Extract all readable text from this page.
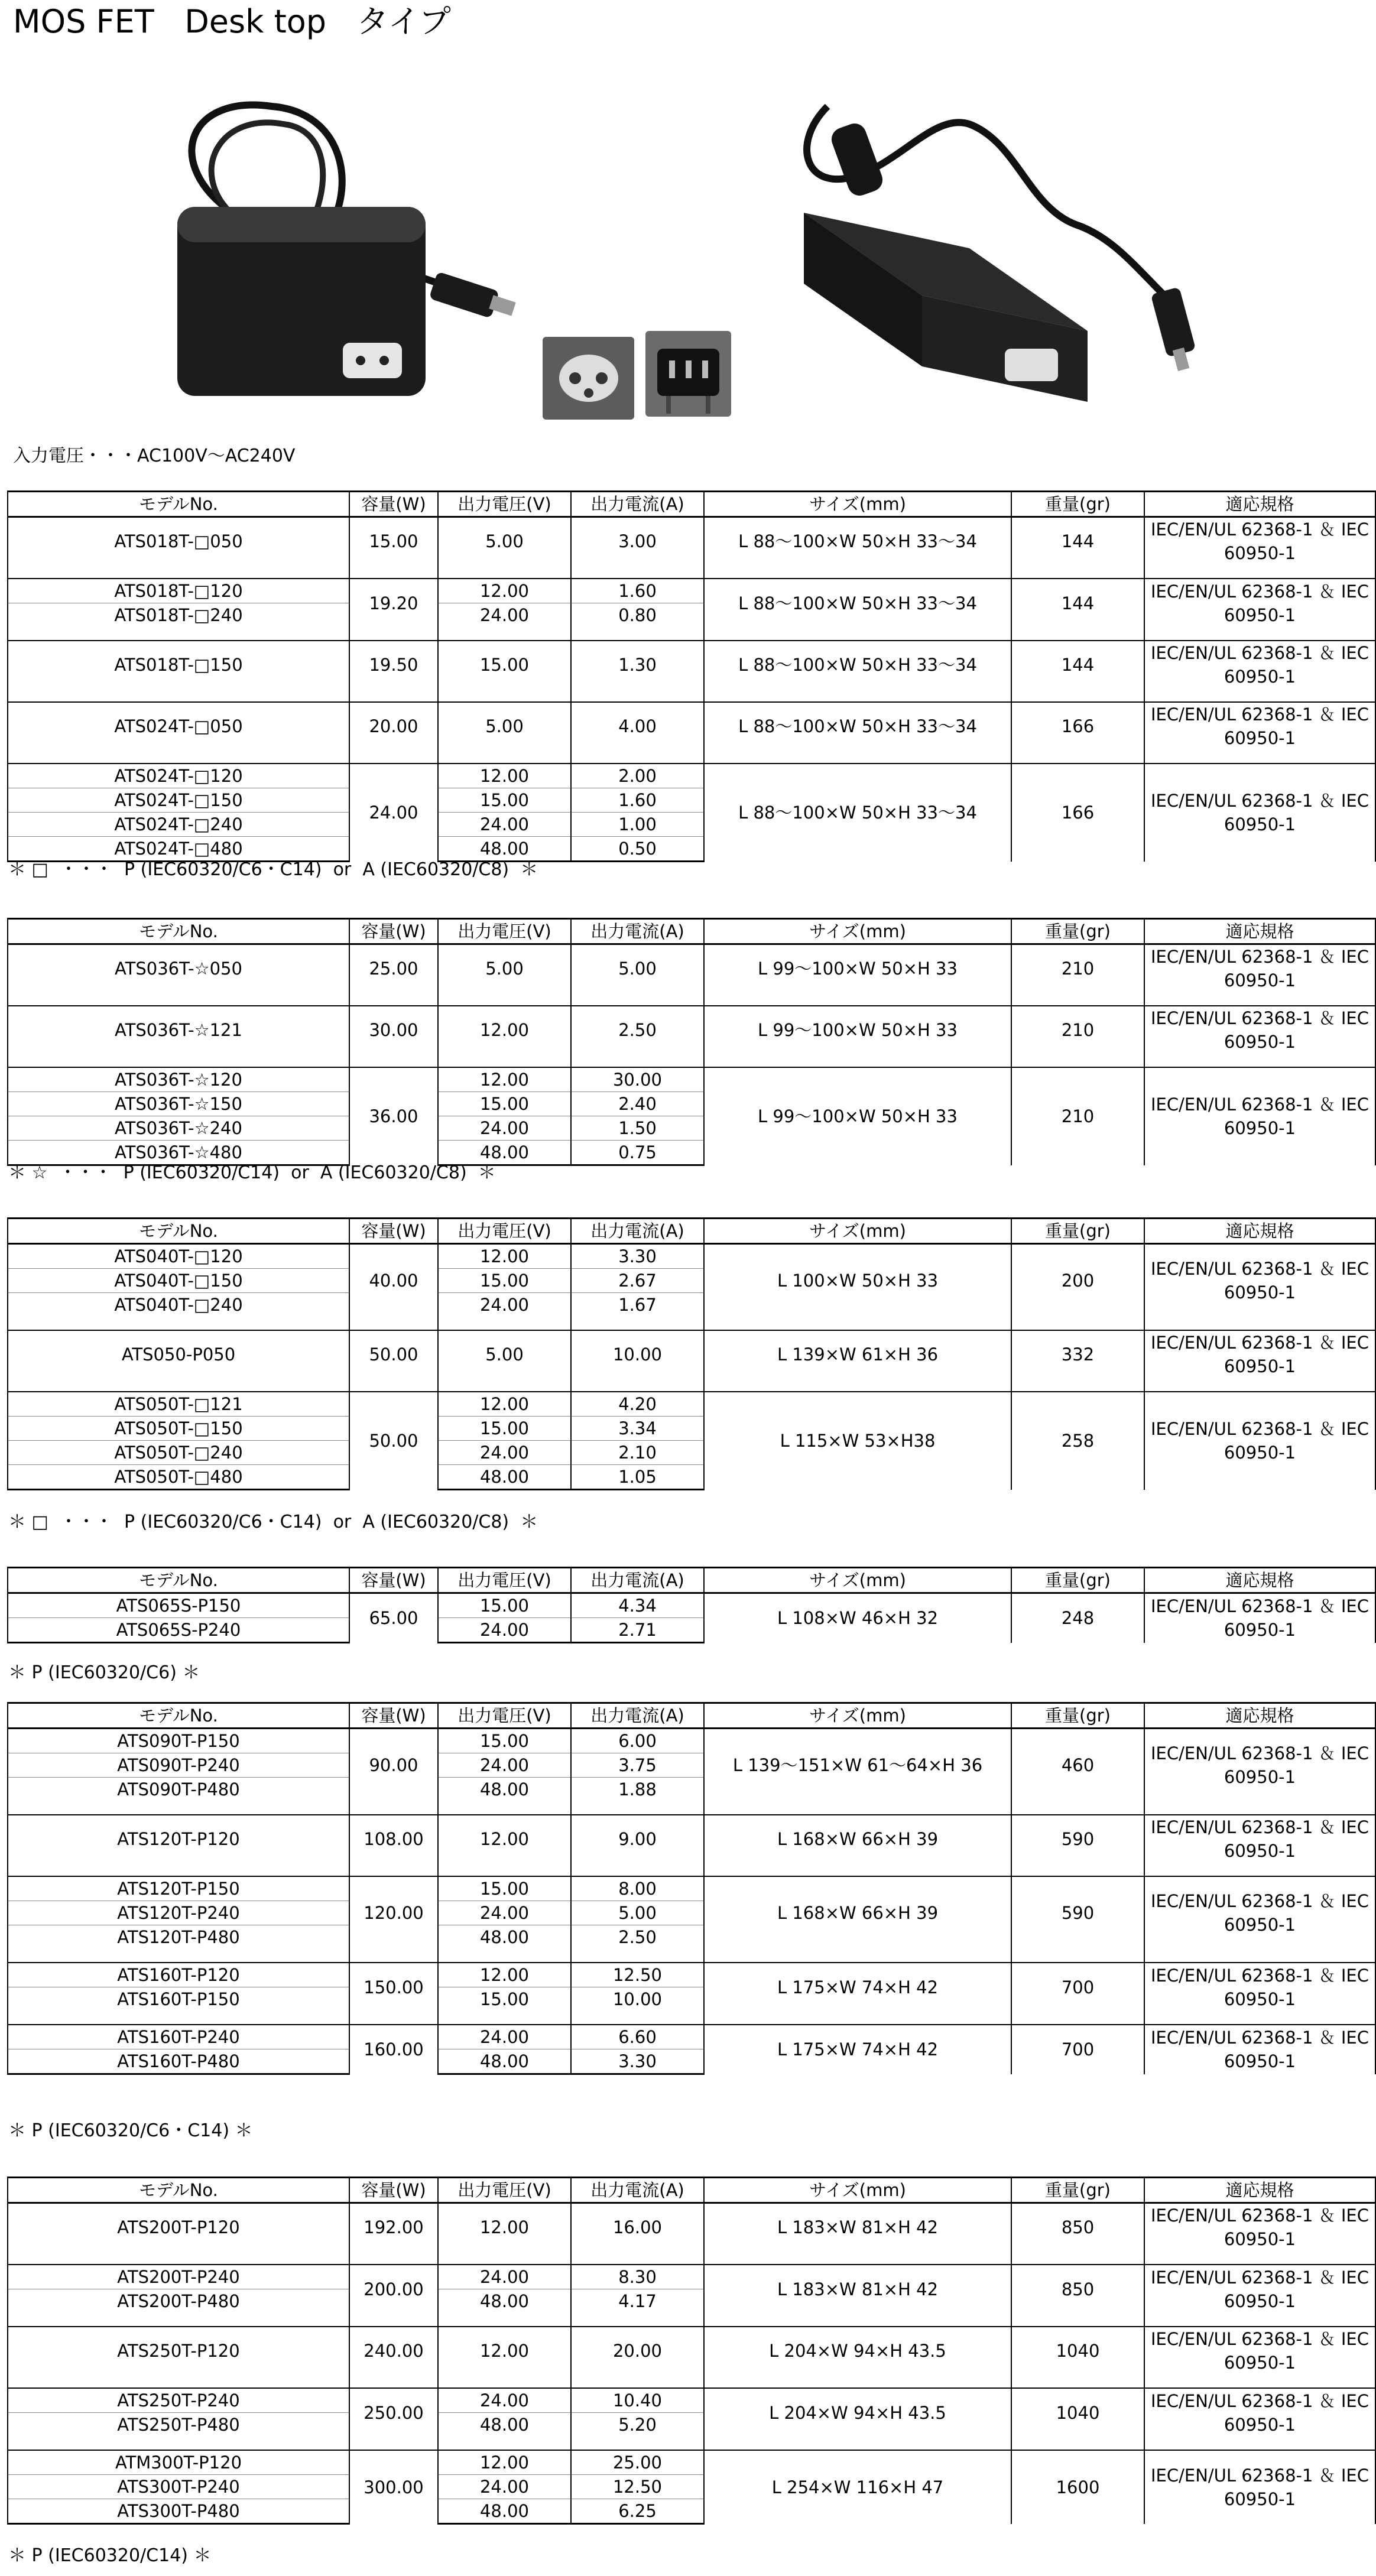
MOS FET   Desk top   タイプ
入力電圧・・・AC100V～AC240V
モデルNo.	容量(W)	出力電圧(V)	出力電流(A)	サイズ(mm)	重量(gr)	適応規格
ATS018T-□050	15.00	5.00	3.00	L 88～100×W 50×H 33～34	144	IEC/EN/UL 62368-1 ＆ IEC 60950-1

ATS018T-□120	19.20	12.00	1.60	L 88～100×W 50×H 33～34	144	IEC/EN/UL 62368-1 ＆ IEC 60950-1
ATS018T-□240		24.00	0.80			

ATS018T-□150	19.50	15.00	1.30	L 88～100×W 50×H 33～34	144	IEC/EN/UL 62368-1 ＆ IEC 60950-1

ATS024T-□050	20.00	5.00	4.00	L 88～100×W 50×H 33～34	166	IEC/EN/UL 62368-1 ＆ IEC 60950-1

ATS024T-□120	24.00	12.00	2.00	L 88～100×W 50×H 33～34	166	IEC/EN/UL 62368-1 ＆ IEC 60950-1
ATS024T-□150		15.00	1.60			
ATS024T-□240		24.00	1.00			
ATS024T-□480		48.00	0.50			
＊ □  ・・・  P (IEC60320/C6・C14)  or  A (IEC60320/C8)  ＊
モデルNo.	容量(W)	出力電圧(V)	出力電流(A)	サイズ(mm)	重量(gr)	適応規格
ATS036T-☆050	25.00	5.00	5.00	L 99～100×W 50×H 33	210	IEC/EN/UL 62368-1 ＆ IEC 60950-1

ATS036T-☆121	30.00	12.00	2.50	L 99～100×W 50×H 33	210	IEC/EN/UL 62368-1 ＆ IEC 60950-1

ATS036T-☆120	36.00	12.00	30.00	L 99～100×W 50×H 33	210	IEC/EN/UL 62368-1 ＆ IEC 60950-1
ATS036T-☆150		15.00	2.40			
ATS036T-☆240		24.00	1.50			
ATS036T-☆480		48.00	0.75			
＊ ☆  ・・・  P (IEC60320/C14)  or  A (IEC60320/C8)  ＊
モデルNo.	容量(W)	出力電圧(V)	出力電流(A)	サイズ(mm)	重量(gr)	適応規格
ATS040T-□120	40.00	12.00	3.30	L 100×W 50×H 33	200	IEC/EN/UL 62368-1 ＆ IEC 60950-1
ATS040T-□150		15.00	2.67			
ATS040T-□240		24.00	1.67			

ATS050-P050	50.00	5.00	10.00	L 139×W 61×H 36	332	IEC/EN/UL 62368-1 ＆ IEC 60950-1

ATS050T-□121	50.00	12.00	4.20	L 115×W 53×H38	258	IEC/EN/UL 62368-1 ＆ IEC 60950-1
ATS050T-□150		15.00	3.34			
ATS050T-□240		24.00	2.10			
ATS050T-□480		48.00	1.05			
＊ □  ・・・  P (IEC60320/C6・C14)  or  A (IEC60320/C8)  ＊
モデルNo.	容量(W)	出力電圧(V)	出力電流(A)	サイズ(mm)	重量(gr)	適応規格
ATS065S-P150	65.00	15.00	4.34	L 108×W 46×H 32	248	IEC/EN/UL 62368-1 ＆ IEC 60950-1
ATS065S-P240		24.00	2.71			
＊ P (IEC60320/C6) ＊
モデルNo.	容量(W)	出力電圧(V)	出力電流(A)	サイズ(mm)	重量(gr)	適応規格
ATS090T-P150	90.00	15.00	6.00	L 139～151×W 61～64×H 36	460	IEC/EN/UL 62368-1 ＆ IEC 60950-1
ATS090T-P240		24.00	3.75			
ATS090T-P480		48.00	1.88			

ATS120T-P120	108.00	12.00	9.00	L 168×W 66×H 39	590	IEC/EN/UL 62368-1 ＆ IEC 60950-1

ATS120T-P150	120.00	15.00	8.00	L 168×W 66×H 39	590	IEC/EN/UL 62368-1 ＆ IEC 60950-1
ATS120T-P240		24.00	5.00			
ATS120T-P480		48.00	2.50			

ATS160T-P120	150.00	12.00	12.50	L 175×W 74×H 42	700	IEC/EN/UL 62368-1 ＆ IEC 60950-1
ATS160T-P150		15.00	10.00			

ATS160T-P240	160.00	24.00	6.60	L 175×W 74×H 42	700	IEC/EN/UL 62368-1 ＆ IEC 60950-1
ATS160T-P480		48.00	3.30			
＊ P (IEC60320/C6・C14) ＊
モデルNo.	容量(W)	出力電圧(V)	出力電流(A)	サイズ(mm)	重量(gr)	適応規格
ATS200T-P120	192.00	12.00	16.00	L 183×W 81×H 42	850	IEC/EN/UL 62368-1 ＆ IEC 60950-1

ATS200T-P240	200.00	24.00	8.30	L 183×W 81×H 42	850	IEC/EN/UL 62368-1 ＆ IEC 60950-1
ATS200T-P480		48.00	4.17			

ATS250T-P120	240.00	12.00	20.00	L 204×W 94×H 43.5	1040	IEC/EN/UL 62368-1 ＆ IEC 60950-1

ATS250T-P240	250.00	24.00	10.40	L 204×W 94×H 43.5	1040	IEC/EN/UL 62368-1 ＆ IEC 60950-1
ATS250T-P480		48.00	5.20			

ATM300T-P120	300.00	12.00	25.00	L 254×W 116×H 47	1600	IEC/EN/UL 62368-1 ＆ IEC 60950-1
ATS300T-P240		24.00	12.50			
ATS300T-P480		48.00	6.25			
＊ P (IEC60320/C14) ＊
